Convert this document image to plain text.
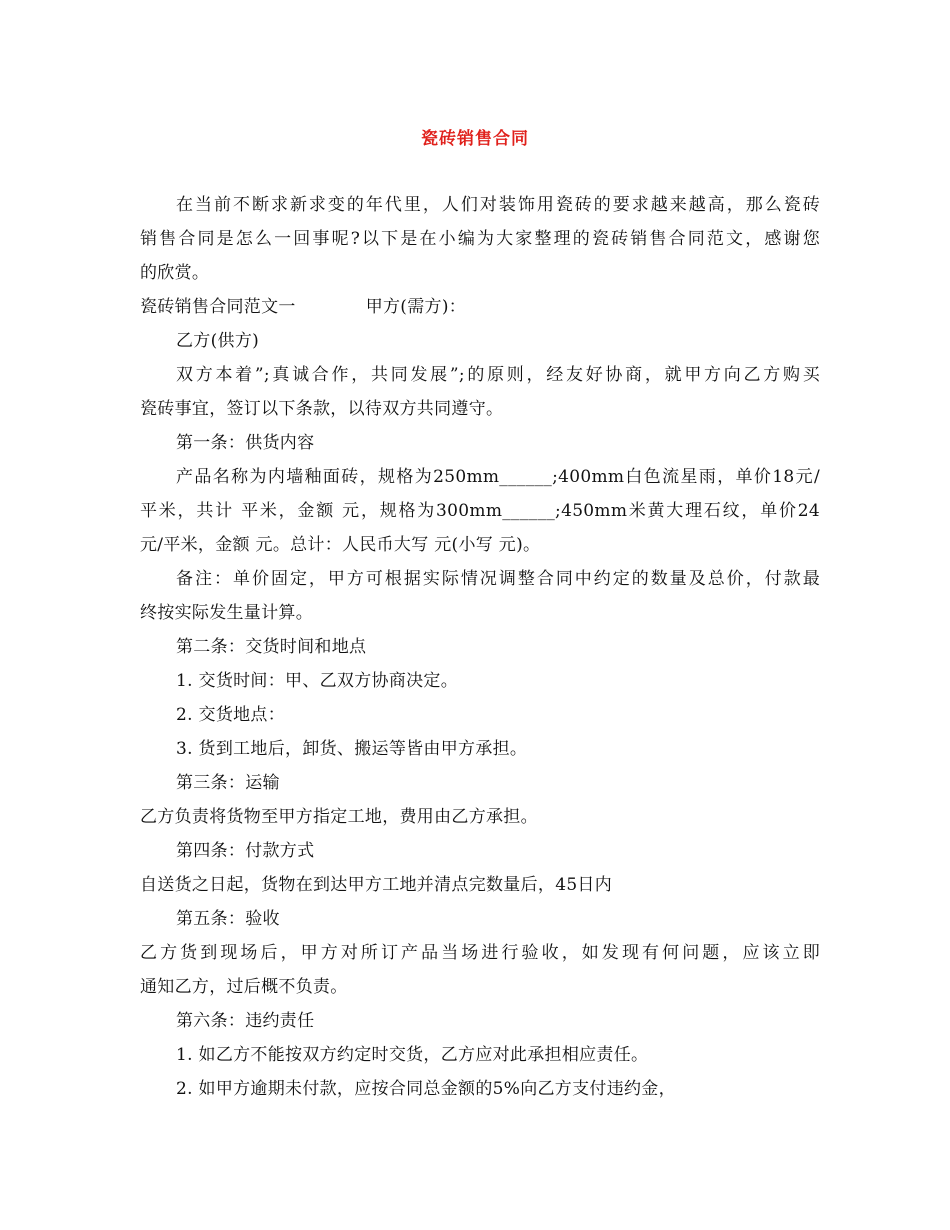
瓷砖销售合同
在当前不断求新求变的年代里，人们对装饰用瓷砖的要求越来越高，那么瓷砖
销售合同是怎么一回事呢?以下是在小编为大家整理的瓷砖销售合同范文，感谢您
的欣赏。
瓷砖销售合同范文一	甲方(需方)：
乙方(供方)
双方本着”;真诚合作，共同发展”;的原则，经友好协商，就甲方向乙方购买
瓷砖事宜，签订以下条款，以待双方共同遵守。
第一条：供货内容
产品名称为内墙釉面砖，规格为250mm______;400mm白色流星雨，单价18元/
平米，共计 平米，金额 元，规格为300mm______;450mm米黄大理石纹，单价24
元/平米，金额 元。总计：人民币大写 元(小写 元)。
备注：单价固定，甲方可根据实际情况调整合同中约定的数量及总价，付款最
终按实际发生量计算。
第二条：交货时间和地点
1. 交货时间：甲、乙双方协商决定。
2. 交货地点：
3. 货到工地后，卸货、搬运等皆由甲方承担。
第三条：运输
乙方负责将货物至甲方指定工地，费用由乙方承担。
第四条：付款方式
自送货之日起，货物在到达甲方工地并清点完数量后，45日内
第五条：验收
乙方货到现场后，甲方对所订产品当场进行验收，如发现有何问题，应该立即
通知乙方，过后概不负责。
第六条：违约责任
1. 如乙方不能按双方约定时交货，乙方应对此承担相应责任。
2. 如甲方逾期未付款，应按合同总金额的5%向乙方支付违约金，
